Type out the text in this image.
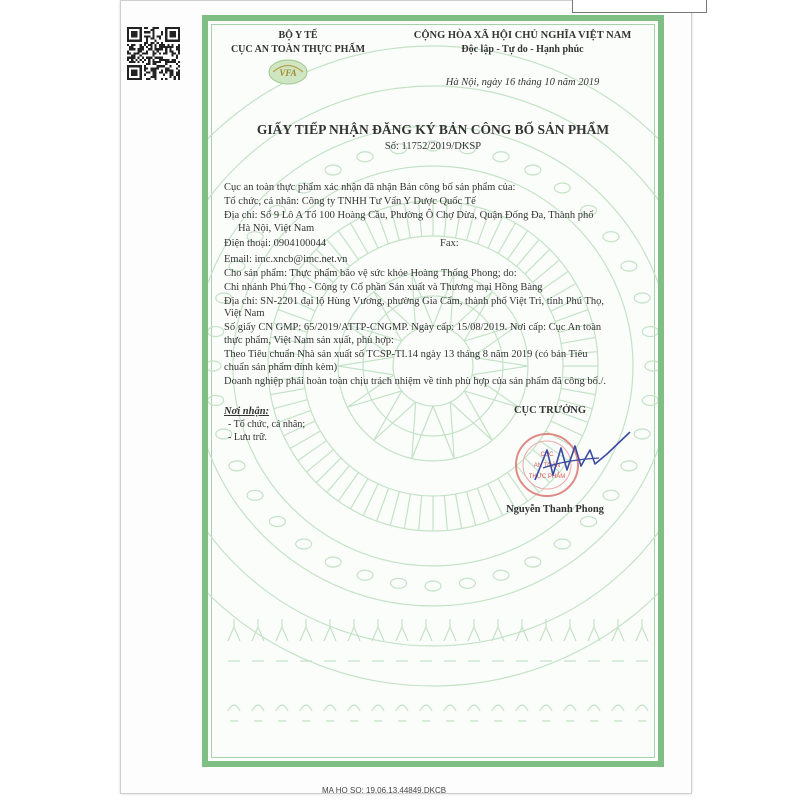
BỘ Y TẾ
CỤC AN TOÀN THỰC PHẨM
VFA
CỘNG HÒA XÃ HỘI CHỦ NGHĨA VIỆT NAM
Độc lập - Tự do - Hạnh phúc
Hà Nội, ngày 16 tháng 10 năm 2019
GIẤY TIẾP NHẬN ĐĂNG KÝ BẢN CÔNG BỐ SẢN PHẨM
Số: 11752/2019/DKSP
Cục an toàn thực phẩm xác nhận đã nhận Bản công bố sản phẩm của:
Tổ chức, cá nhân: Công ty TNHH Tư Vấn Y Dược Quốc Tế
Địa chỉ: Số 9 Lô A Tổ 100 Hoàng Cầu, Phường Ô Chợ Dừa, Quận Đống Đa, Thành phố
Hà Nội, Việt Nam
Điện thoại: 0904100044	Fax:
Email: imc.xncb@imc.net.vn
Cho sản phẩm: Thực phẩm bảo vệ sức khỏe Hoàng Thống Phong; do:
Chi nhánh Phú Thọ - Công ty Cổ phần Sản xuất và Thương mại Hồng Bàng
Địa chỉ: SN-2201 đại lộ Hùng Vương, phường Gia Cẩm, thành phố Việt Trì, tỉnh Phú Thọ,
Việt Nam
Số giấy CN GMP: 65/2019/ATTP-CNGMP. Ngày cấp: 15/08/2019. Nơi cấp: Cục An toàn
thực phẩm, Việt Nam sản xuất, phù hợp:
Theo Tiêu chuẩn Nhà sản xuất số TCSP-TI.14 ngày 13 tháng 8 năm 2019 (có bản Tiêu
chuẩn sản phẩm đính kèm)
Doanh nghiệp phải hoàn toàn chịu trách nhiệm về tính phù hợp của sản phẩm đã công bố./.
Nơi nhận:
- Tổ chức, cá nhân;
- Lưu trữ.
CỤC TRƯỞNG
CỤC
AN TOÀN
THỰC PHẨM
Nguyễn Thanh Phong
MA HO SO: 19.06.13.44849.DKCB
